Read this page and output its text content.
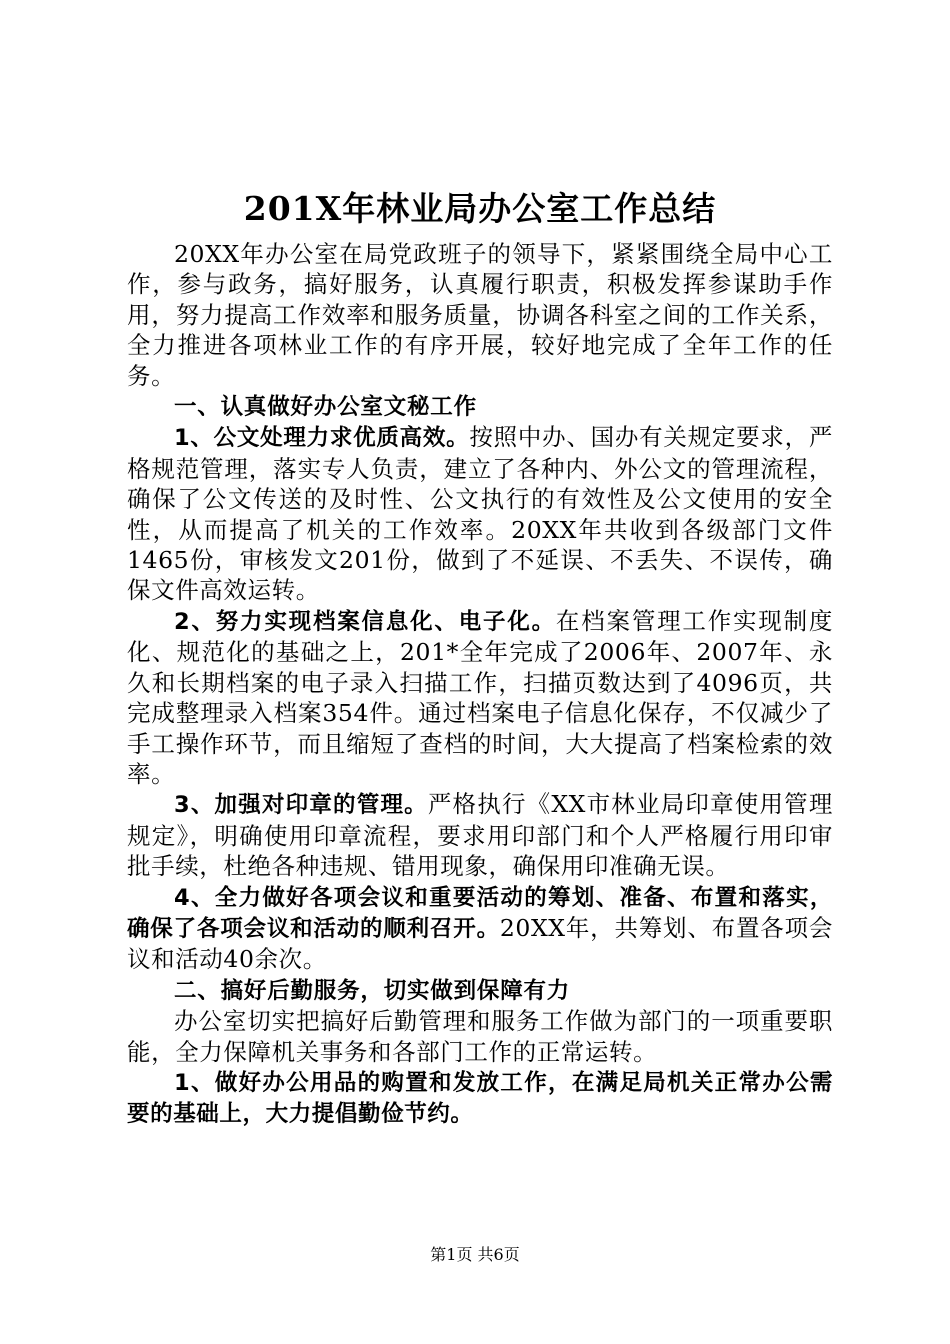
201X年林业局办公室工作总结

20XX年办公室在局党政班子的领导下，紧紧围绕全局中心工作，参与政务，搞好服务，认真履行职责，积极发挥参谋助手作用，努力提高工作效率和服务质量，协调各科室之间的工作关系，全力推进各项林业工作的有序开展，较好地完成了全年工作的任务。

一、认真做好办公室文秘工作

1、公文处理力求优质高效。按照中办、国办有关规定要求，严格规范管理，落实专人负责，建立了各种内、外公文的管理流程，确保了公文传送的及时性、公文执行的有效性及公文使用的安全性，从而提高了机关的工作效率。20XX年共收到各级部门文件1465份，审核发文201份，做到了不延误、不丢失、不误传，确保文件高效运转。

2、努力实现档案信息化、电子化。在档案管理工作实现制度化、规范化的基础之上，201*全年完成了2006年、2007年、永久和长期档案的电子录入扫描工作，扫描页数达到了4096页，共完成整理录入档案354件。通过档案电子信息化保存，不仅减少了手工操作环节，而且缩短了查档的时间，大大提高了档案检索的效率。

3、加强对印章的管理。严格执行《XX市林业局印章使用管理规定》，明确使用印章流程，要求用印部门和个人严格履行用印审批手续，杜绝各种违规、错用现象，确保用印准确无误。

4、全力做好各项会议和重要活动的筹划、准备、布置和落实，确保了各项会议和活动的顺利召开。20XX年，共筹划、布置各项会议和活动40余次。

二、搞好后勤服务，切实做到保障有力

办公室切实把搞好后勤管理和服务工作做为部门的一项重要职能，全力保障机关事务和各部门工作的正常运转。

1、做好办公用品的购置和发放工作，在满足局机关正常办公需要的基础上，大力提倡勤俭节约。

第1页 共6页
